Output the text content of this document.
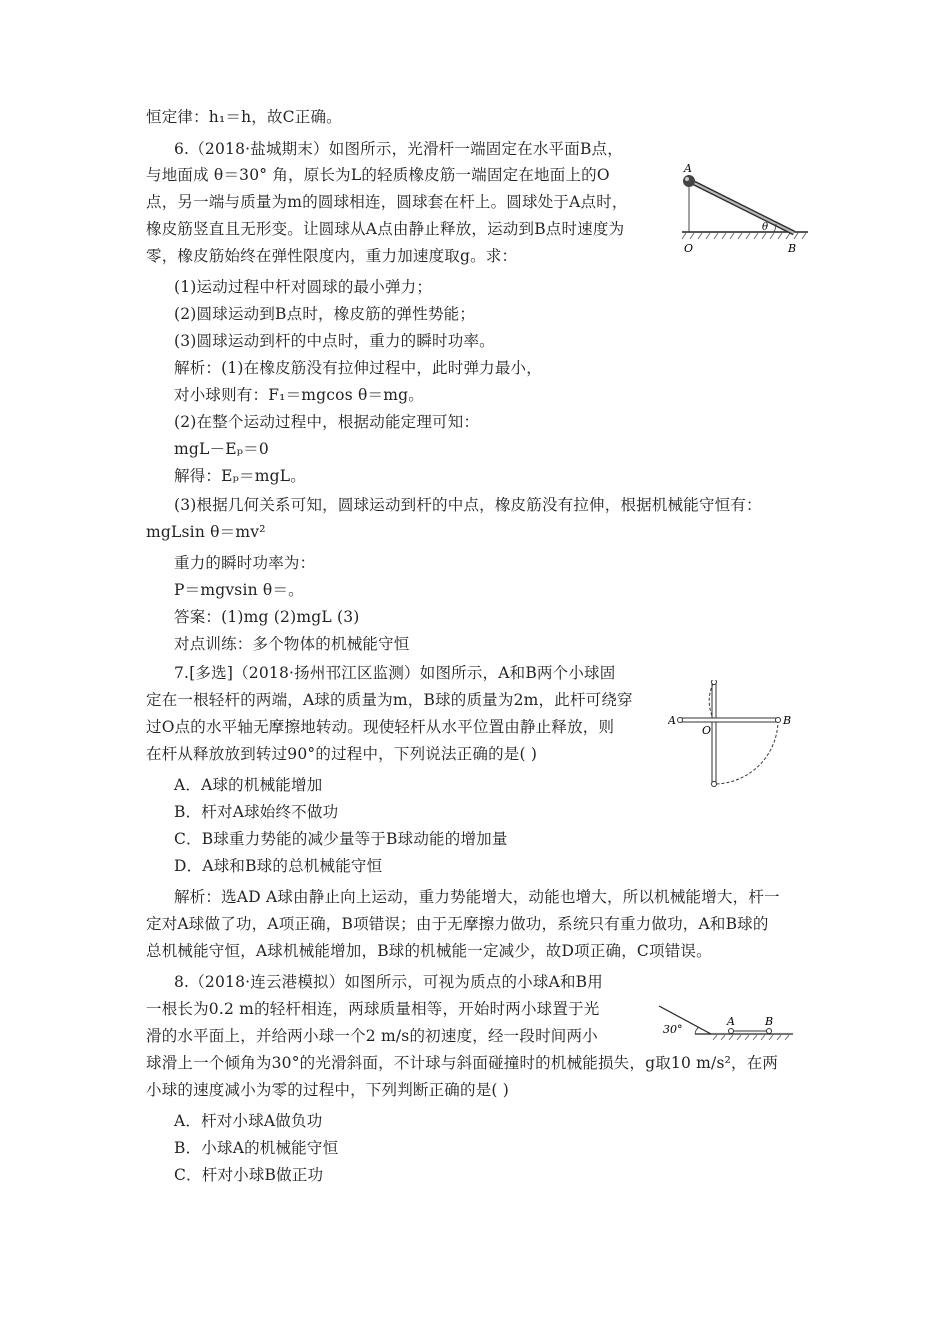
恒定律：h₁＝h，故C正确。
6.（2018·盐城期末）如图所示，光滑杆一端固定在水平面B点，
与地面成 θ＝30° 角，原长为L的轻质橡皮筋一端固定在地面上的O
点，另一端与质量为m的圆球相连，圆球套在杆上。圆球处于A点时，
橡皮筋竖直且无形变。让圆球从A点由静止释放，运动到B点时速度为
零，橡皮筋始终在弹性限度内，重力加速度取g。求：
(1)运动过程中杆对圆球的最小弹力；
(2)圆球运动到B点时，橡皮筋的弹性势能；
(3)圆球运动到杆的中点时，重力的瞬时功率。
解析：(1)在橡皮筋没有拉伸过程中，此时弹力最小，
对小球则有：F₁＝mgcos θ＝mg。
(2)在整个运动过程中，根据动能定理可知：
mgL－Eₚ＝0
解得：Eₚ＝mgL。
(3)根据几何关系可知，圆球运动到杆的中点，橡皮筋没有拉伸，根据机械能守恒有：
mgLsin θ＝mv²
重力的瞬时功率为：
P＝mgvsin θ＝。
答案：(1)mg (2)mgL (3)
对点训练：多个物体的机械能守恒
7.[多选]（2018·扬州邗江区监测）如图所示，A和B两个小球固
定在一根轻杆的两端，A球的质量为m，B球的质量为2m，此杆可绕穿
过O点的水平轴无摩擦地转动。现使轻杆从水平位置由静止释放，则
在杆从释放放到转过90°的过程中，下列说法正确的是( )
A．A球的机械能增加
B．杆对A球始终不做功
C．B球重力势能的减少量等于B球动能的增加量
D．A球和B球的总机械能守恒
解析：选AD A球由静止向上运动，重力势能增大，动能也增大，所以机械能增大，杆一
定对A球做了功，A项正确，B项错误；由于无摩擦力做功，系统只有重力做功，A和B球的
总机械能守恒，A球机械能增加，B球的机械能一定减少，故D项正确，C项错误。
8.（2018·连云港模拟）如图所示，可视为质点的小球A和B用
一根长为0.2 m的轻杆相连，两球质量相等，开始时两小球置于光
滑的水平面上，并给两小球一个2 m/s的初速度，经一段时间两小
球滑上一个倾角为30°的光滑斜面，不计球与斜面碰撞时的机械能损失，g取10 m/s²，在两
小球的速度减小为零的过程中，下列判断正确的是( )
A．杆对小球A做负功
B．小球A的机械能守恒
C．杆对小球B做正功
A
O	B
θ
A
O
B
30°
A	B
